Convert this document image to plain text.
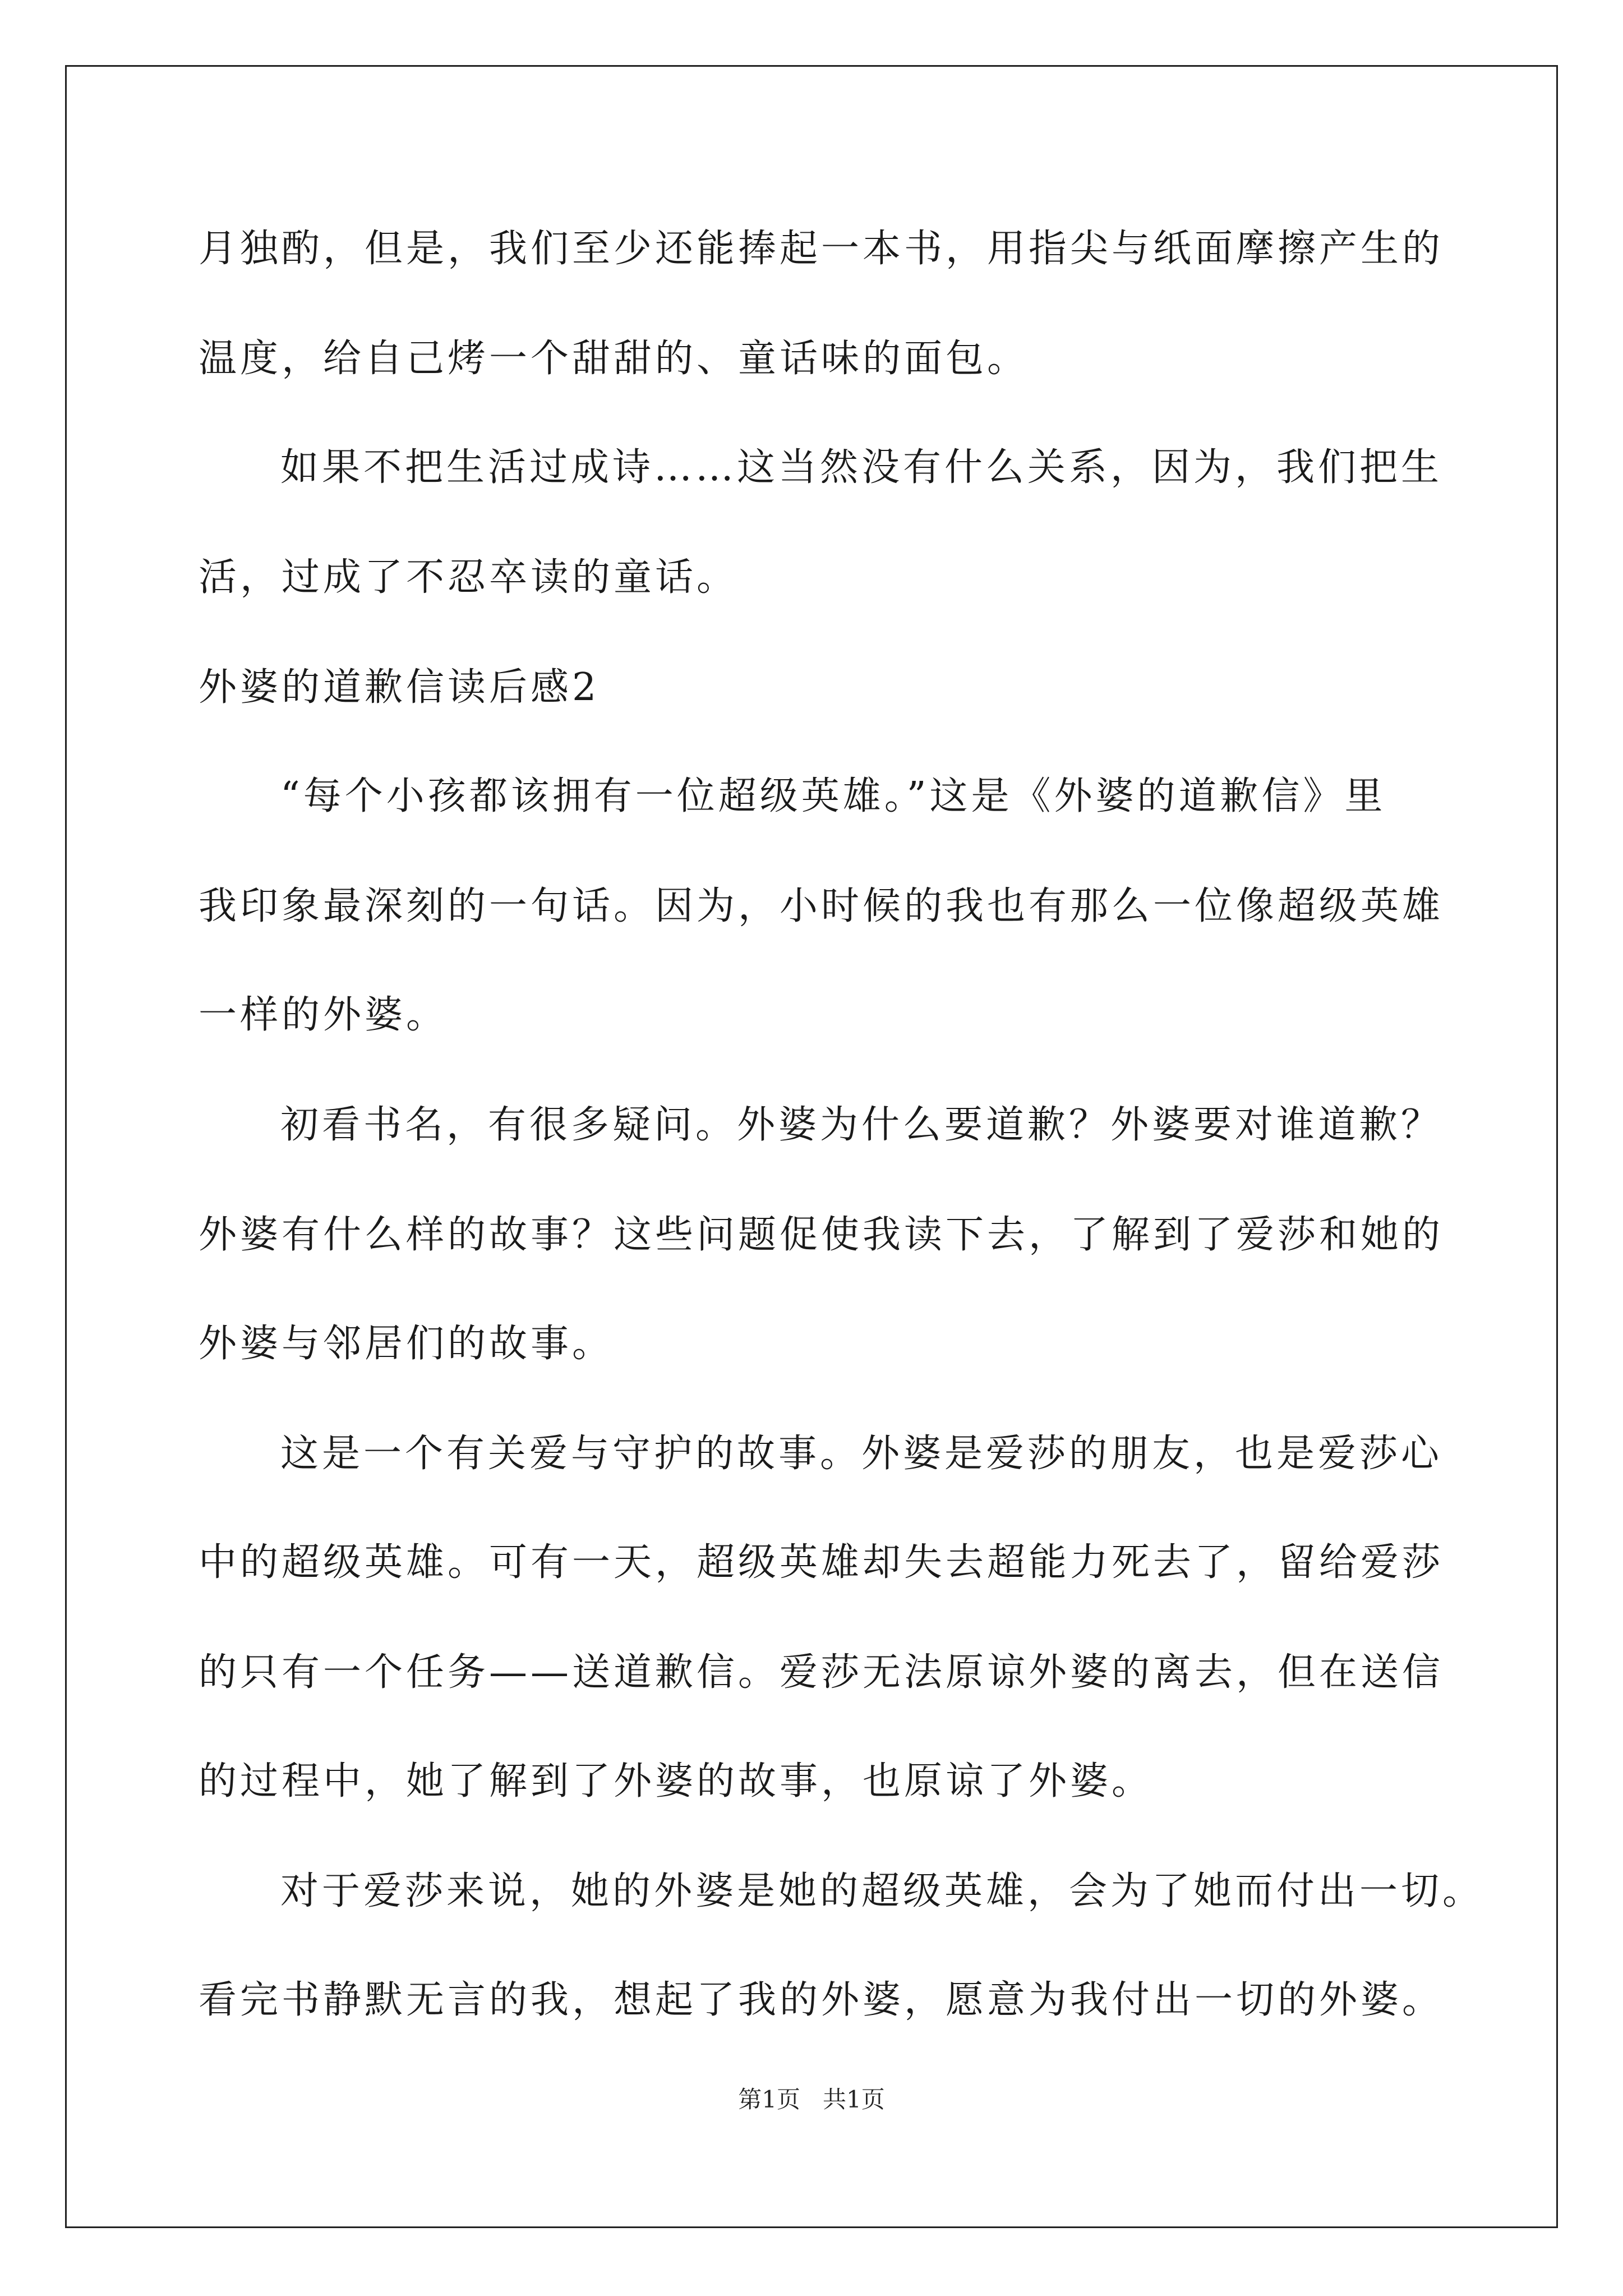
月独酌，但是，我们至少还能捧起一本书，用指尖与纸面摩擦产生的
温度，给自己烤一个甜甜的、童话味的面包。
如果不把生活过成诗……这当然没有什么关系，因为，我们把生
活，过成了不忍卒读的童话。
外婆的道歉信读后感2
“每个小孩都该拥有一位超级英雄。”这是《外婆的道歉信》里
我印象最深刻的一句话。因为，小时候的我也有那么一位像超级英雄
一样的外婆。
初看书名，有很多疑问。外婆为什么要道歉？外婆要对谁道歉？
外婆有什么样的故事？这些问题促使我读下去，了解到了爱莎和她的
外婆与邻居们的故事。
这是一个有关爱与守护的故事。外婆是爱莎的朋友，也是爱莎心
中的超级英雄。可有一天，超级英雄却失去超能力死去了，留给爱莎
的只有一个任务——送道歉信。爱莎无法原谅外婆的离去，但在送信
的过程中，她了解到了外婆的故事，也原谅了外婆。
对于爱莎来说，她的外婆是她的超级英雄，会为了她而付出一切。
看完书静默无言的我，想起了我的外婆，愿意为我付出一切的外婆。
第1页   共1页
